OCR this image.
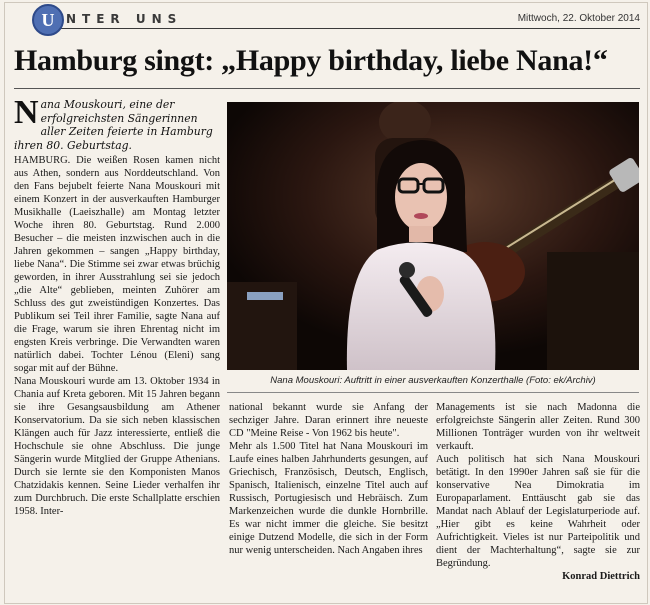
U NTER UNS	Mittwoch, 22. Oktober 2014
Hamburg singt: „Happy birthday, liebe Nana!“

Nana Mouskouri, eine der erfolgreichsten Sängerinnen aller Zeiten feierte in Hamburg ihren 80. Geburtstag.

Nana Mouskouri: Auftritt in einer ausverkauften Konzerthalle (Foto: ek/Archiv)

HAMBURG. Die weißen Rosen kamen nicht aus Athen, sondern aus Norddeutschland. Von den Fans bejubelt feierte Nana Mouskouri mit einem Konzert in der ausverkauften Hamburger Musikhalle (Laeiszhalle) am Montag letzter Woche ihren 80. Geburtstag. Rund 2.000 Besucher – die meisten inzwischen auch in die Jahren gekommen – sangen „Happy birthday, liebe Nana“. Die Stimme sei zwar etwas brüchig geworden, in ihrer Ausstrahlung sei sie jedoch „die Alte“ geblieben, meinten Zuhörer am Schluss des gut zweistündigen Konzertes. Das Publikum sei Teil ihrer Familie, sagte Nana auf die Frage, warum sie ihren Ehrentag nicht im engsten Kreis verbringe. Die Verwandten waren natürlich dabei. Tochter Lénou (Eleni) sang sogar mit auf der Bühne.

Nana Mouskouri wurde am 13. Oktober 1934 in Chania auf Kreta geboren. Mit 15 Jahren begann sie ihre Gesangsausbildung am Athener Konservatorium. Da sie sich neben klassischen Klängen auch für Jazz interessierte, entließ die Hochschule sie ohne Abschluss. Die junge Sängerin wurde Mitglied der Gruppe Athenians. Durch sie lernte sie den Komponisten Manos Chatzidakis kennen. Seine Lieder verhalfen ihr zum Durchbruch. Die erste Schallplatte erschien 1958. Inter-

national bekannt wurde sie Anfang der sechziger Jahre. Daran erinnert ihre neueste CD "Meine Reise - Von 1962 bis heute".

Mehr als 1.500 Titel hat Nana Mouskouri im Laufe eines halben Jahrhunderts gesungen, auf Griechisch, Französisch, Deutsch, Englisch, Spanisch, Italienisch, einzelne Titel auch auf Russisch, Portugiesisch und Hebräisch. Zum Markenzeichen wurde die dunkle Hornbrille. Es war nicht immer die gleiche. Sie besitzt einige Dutzend Modelle, die sich in der Form nur wenig unterscheiden. Nach Angaben ihres

Managements ist sie nach Madonna die erfolgreichste Sängerin aller Zeiten. Rund 300 Millionen Tonträger wurden von ihr weltweit verkauft.

Auch politisch hat sich Nana Mouskouri betätigt. In den 1990er Jahren saß sie für die konservative Nea Dimokratia im Europaparlament. Enttäuscht gab sie das Mandat nach Ablauf der Legislaturperiode auf. „Hier gibt es keine Wahrheit oder Aufrichtigkeit. Vieles ist nur Parteipolitik und dient der Machterhaltung“, sagte sie zur Begründung.

Konrad Diettrich
